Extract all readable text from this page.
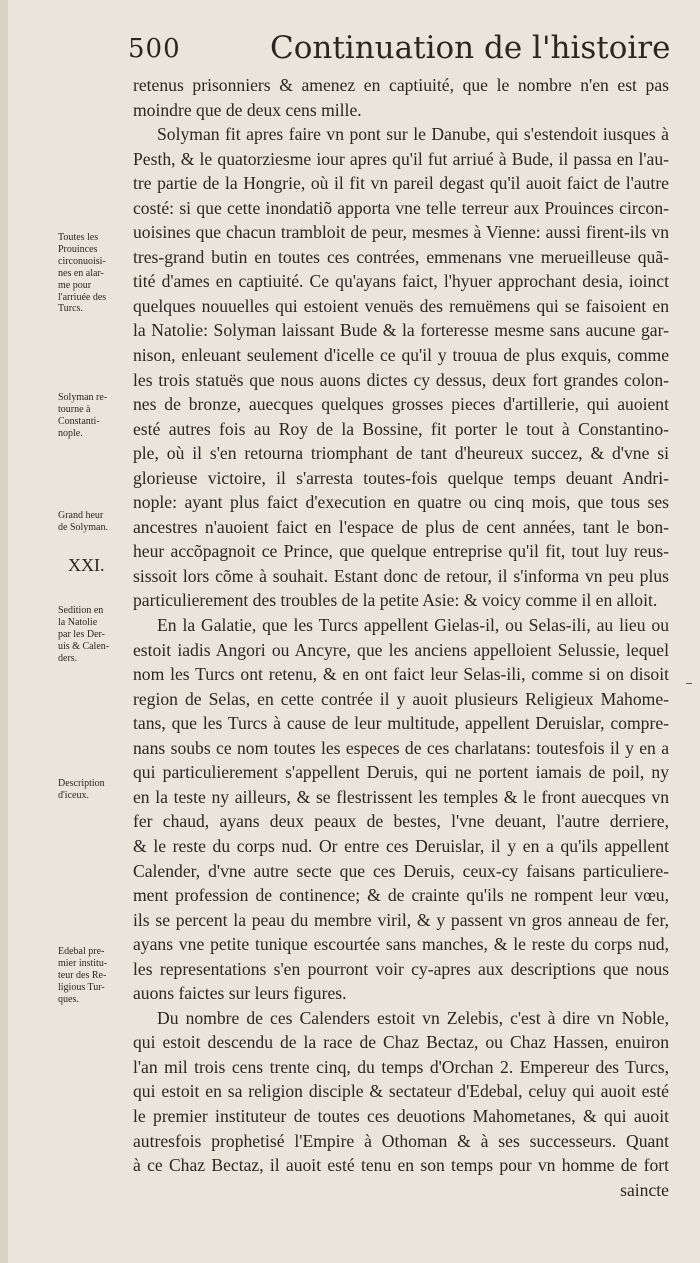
500	Continuation de l'histoire
XXI.
Toutes les
Prouinces
circonuoisi-
nes en alar-
me pour
l'arriuée des
Turcs.
Solyman re-
tourne à
Constanti-
nople.
Grand heur
de Solyman.
Sedition en
la Natolie
par les Der-
uis & Calen-
ders.
Description
d'iceux.
Edebal pre-
mier institu-
teur des Re-
ligious Tur-
ques.
retenus prisonniers & amenez en captiuité, que le nombre n'en est pas
moindre que de deux cens mille.
Solyman fit apres faire vn pont sur le Danube, qui s'estendoit iusques à
Pesth, & le quatorziesme iour apres qu'il fut arriué à Bude, il passa en l'au-
tre partie de la Hongrie, où il fit vn pareil degast qu'il auoit faict de l'autre
costé: si que cette inondatiõ apporta vne telle terreur aux Prouinces circon-
uoisines que chacun trambloit de peur, mesmes à Vienne: aussi firent-ils vn
tres-grand butin en toutes ces contrées, emmenans vne merueilleuse quã-
tité d'ames en captiuité. Ce qu'ayans faict, l'hyuer approchant desia, ioinct
quelques nouuelles qui estoient venuës des remuëmens qui se faisoient en
la Natolie: Solyman laissant Bude & la forteresse mesme sans aucune gar-
nison, enleuant seulement d'icelle ce qu'il y trouua de plus exquis, comme
les trois statuës que nous auons dictes cy dessus, deux fort grandes colon-
nes de bronze, auecques quelques grosses pieces d'artillerie, qui auoient
esté autres fois au Roy de la Bossine, fit porter le tout à Constantino-
ple, où il s'en retourna triomphant de tant d'heureux succez, & d'vne si
glorieuse victoire, il s'arresta toutes-fois quelque temps deuant Andri-
nople: ayant plus faict d'execution en quatre ou cinq mois, que tous ses
ancestres n'auoient faict en l'espace de plus de cent années, tant le bon-
heur accõpagnoit ce Prince, que quelque entreprise qu'il fit, tout luy reus-
sissoit lors cõme à souhait. Estant donc de retour, il s'informa vn peu plus
particulierement des troubles de la petite Asie: & voicy comme il en alloit.
En la Galatie, que les Turcs appellent Gielas-il, ou Selas-ili, au lieu ou
estoit iadis Angori ou Ancyre, que les anciens appelloient Selussie, lequel
nom les Turcs ont retenu, & en ont faict leur Selas-ili, comme si on disoit
region de Selas, en cette contrée il y auoit plusieurs Religieux Mahome-
tans, que les Turcs à cause de leur multitude, appellent Deruislar, compre-
nans soubs ce nom toutes les especes de ces charlatans: toutesfois il y en a
qui particulierement s'appellent Deruis, qui ne portent iamais de poil, ny
en la teste ny ailleurs, & se flestrissent les temples & le front auecques vn
fer chaud, ayans deux peaux de bestes, l'vne deuant, l'autre derriere,
& le reste du corps nud. Or entre ces Deruislar, il y en a qu'ils appellent
Calender, d'vne autre secte que ces Deruis, ceux-cy faisans particuliere-
ment profession de continence; & de crainte qu'ils ne rompent leur vœu,
ils se percent la peau du membre viril, & y passent vn gros anneau de fer,
ayans vne petite tunique escourtée sans manches, & le reste du corps nud,
les representations s'en pourront voir cy-apres aux descriptions que nous
auons faictes sur leurs figures.
Du nombre de ces Calenders estoit vn Zelebis, c'est à dire vn Noble,
qui estoit descendu de la race de Chaz Bectaz, ou Chaz Hassen, enuiron
l'an mil trois cens trente cinq, du temps d'Orchan 2. Empereur des Turcs,
qui estoit en sa religion disciple & sectateur d'Edebal, celuy qui auoit esté
le premier instituteur de toutes ces deuotions Mahometanes, & qui auoit
autresfois prophetisé l'Empire à Othoman & à ses successeurs. Quant
à ce Chaz Bectaz, il auoit esté tenu en son temps pour vn homme de fort
saincte
